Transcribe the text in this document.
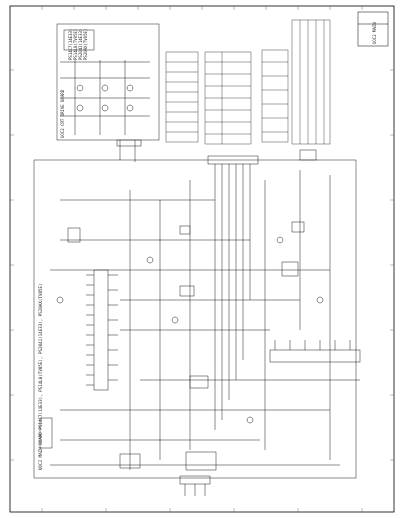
UOC2 CRT DRIVE BOARD
PS14C7(14E33) PS14L8(TV05E) PS2041(14E33) PS20AX(TV05E)
UOC2 MAIN BOARD PS14C7(14E33), PS14L8(TV05E), PS2041(14E33), PS20AX(TV05E)
UOC2 MAIN
